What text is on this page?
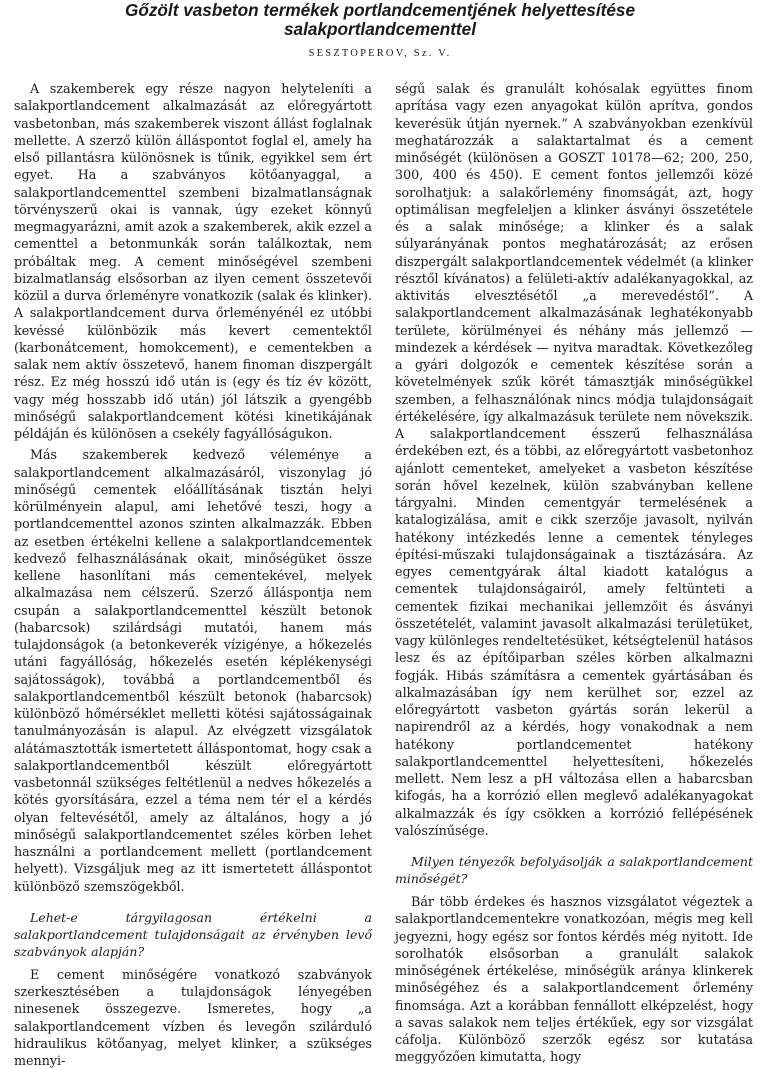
Gőzölt vasbeton termékek portlandcementjének helyettesítése
salakportlandcementtel
SESZTOPEROV, Sz. V.

A szakemberek egy része nagyon helyteleníti a salakportlandcement alkalmazását az előregyártott vasbetonban, más szakemberek viszont állást foglalnak mellette. A szerző külön álláspontot foglal el, amely ha első pillantásra különösnek is tűnik, egyikkel sem ért egyet. Ha a szabványos kötőanyaggal, a salakportlandcementtel szembeni bizalmatlanságnak törvényszerű okai is vannak, úgy ezeket könnyű megmagyarázni, amit azok a szakemberek, akik ezzel a cementtel a betonmunkák során találkoztak, nem próbáltak meg. A cement minőségével szembeni bizalmatlanság elsősorban az ilyen cement összetevői közül a durva őrleményre vonatkozik (salak és klinker). A salakportlandcement durva őrleményénél ez utóbbi kevéssé különbözik más kevert cementektől (karbonátcement, homokcement), e cementekben a salak nem aktív összetevő, hanem finoman diszpergált rész. Ez még hosszú idő után is (egy és tíz év között, vagy még hosszabb idő után) jól látszik a gyengébb minőségű salakportlandcement kötési kinetikájának példáján és különösen a csekély fagyállóságukon.

Más szakemberek kedvező véleménye a salakportlandcement alkalmazásáról, viszonylag jó minőségű cementek előállításának tisztán helyi körülményein alapul, ami lehetővé teszi, hogy a portlandcementtel azonos szinten alkalmazzák. Ebben az esetben értékelni kellene a salakportlandcementek kedvező felhasználásának okait, minőségüket össze kellene hasonlítani más cementekével, melyek alkalmazása nem célszerű. Szerző álláspontja nem csupán a salakportlandcementtel készült betonok (habarcsok) szilárdsági mutatói, hanem más tulajdonságok (a betonkeverék vízigénye, a hőkezelés utáni fagyállóság, hőkezelés esetén képlékenységi sajátosságok), továbbá a portlandcementből és salakportlandcementből készült betonok (habarcsok) különböző hőmérséklet melletti kötési sajátosságainak tanulmányozásán is alapul. Az elvégzett vizsgálatok alátámasztották ismertetett álláspontomat, hogy csak a salakportlandcementből készült előregyártott vasbetonnál szükséges feltétlenül a nedves hőkezelés a kötés gyorsítására, ezzel a téma nem tér el a kérdés olyan feltevésétől, amely az általános, hogy a jó minőségű salakportlandcementet széles körben lehet használni a portlandcement mellett (portlandcement helyett). Vizsgáljuk meg az itt ismertetett álláspontot különböző szemszögekből.

Lehet-e tárgyilagosan értékelni a salakportlandcement tulajdonságait az érvényben levő szabványok alapján?

E cement minőségére vonatkozó szabványok szerkesztésében a tulajdonságok lényegében ninesenek összegezve. Ismeretes, hogy „a salakportlandcement vízben és levegőn szilárduló hidraulikus kötőanyag, melyet klinker, a szükséges mennyi-

ségű salak és granulált kohósalak együttes finom aprítása vagy ezen anyagokat külön aprítva, gondos keverésük útján nyernek.” A szabványokban ezenkívül meghatározzák a salaktartalmat és a cement minőségét (különösen a GOSZT 10178—62; 200, 250, 300, 400 és 450). E cement fontos jellemzői közé sorolhatjuk: a salakőrlemény finomságát, azt, hogy optimálisan megfeleljen a klinker ásványi összetétele és a salak minősége; a klinker és a salak súlyarányának pontos meghatározását; az erősen diszpergált salakportlandcementek védelmét (a klinker résztől kívánatos) a felületi-aktív adalékanyagokkal, az aktivitás elvesztésétől „a merevedéstől”. A salakportlandcement alkalmazásának leghatékonyabb területe, körülményei és néhány más jellemző — mindezek a kérdések — nyitva maradtak. Következőleg a gyári dolgozók e cementek készítése során a követelmények szűk körét támasztják minőségükkel szemben, a felhasználónak nincs módja tulajdonságait értékelésére, így alkalmazásuk területe nem növekszik. A salakportlandcement ésszerű felhasználása érdekében ezt, és a többi, az előregyártott vasbetonhoz ajánlott cementeket, amelyeket a vasbeton készítése során hővel kezelnek, külön szabványban kellene tárgyalni. Minden cementgyár termelésének a katalogizálása, amit e cikk szerzője javasolt, nyilván hatékony intézkedés lenne a cementek tényleges építési-műszaki tulajdonságainak a tisztázására. Az egyes cementgyárak által kiadott katalógus a cementek tulajdonságairól, amely feltünteti a cementek fizikai mechanikai jellemzőit és ásványi összetételét, valamint javasolt alkalmazási területüket, vagy különleges rendeltetésüket, kétségtelenül hatásos lesz és az építőiparban széles körben alkalmazni fogják. Hibás számításra a cementek gyártásában és alkalmazásában így nem kerülhet sor, ezzel az előregyártott vasbeton gyártás során lekerül a napirendről az a kérdés, hogy vonakodnak a nem hatékony portlandcementet hatékony salakportlandcementtel helyettesíteni, hőkezelés mellett. Nem lesz a pH változása ellen a habarcsban kifogás, ha a korrózió ellen meglevő adalékanyagokat alkalmazzák és így csökken a korrózió fellépésének valószínűsége.

Milyen tényezők befolyásolják a salakportlandcement minőségét?

Bár több érdekes és hasznos vizsgálatot végeztek a salakportlandcementekre vonatkozóan, mégis meg kell jegyezni, hogy egész sor fontos kérdés még nyitott. Ide sorolhatók elsősorban a granulált salakok minőségének értékelése, minőségük aránya klinkerek minőségéhez és a salakportlandcement őrlemény finomsága. Azt a korábban fennállott elképzelést, hogy a savas salakok nem teljes értékűek, egy sor vizsgálat cáfolja. Különböző szerzők egész sor kutatása meggyőzően kimutatta, hogy
